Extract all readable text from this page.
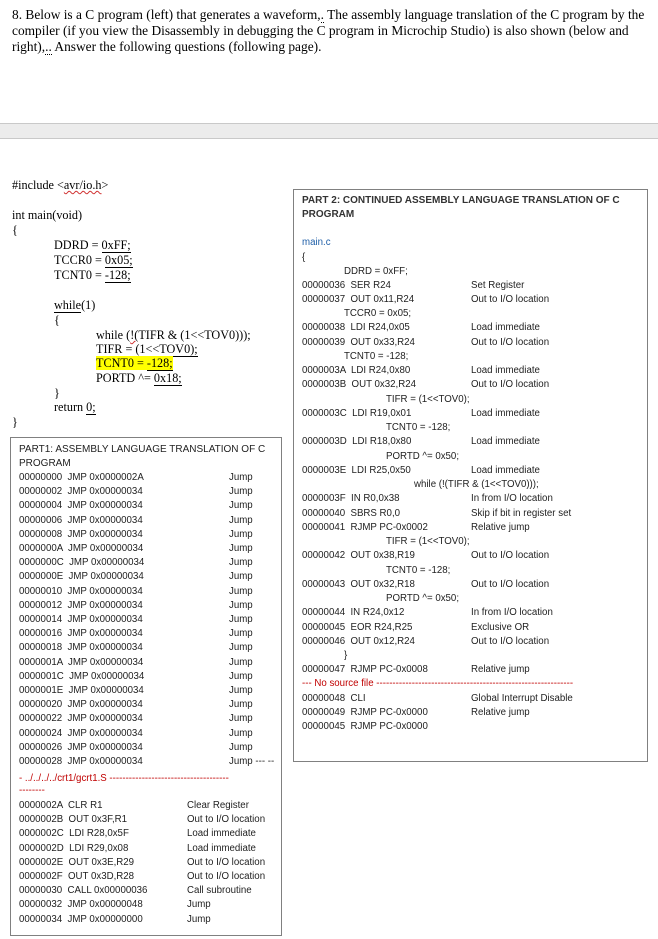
8. Below is a C program (left) that generates a waveform,. The assembly language translation of the C program by the compiler (if you view the Disassembly in debugging the C program in Microchip Studio) is also shown (below and right),.. Answer the following questions (following page).
#include <avr/io.h>
int main(void)
{
DDRD = 0xFF;
TCCR0 = 0x05;
TCNT0 = -128;
while(1)
{
while (!(TIFR & (1<<TOV0)));
TIFR = (1<<TOV0);
TCNT0 = -128;
PORTD ^= 0x18;
}
return 0;
}
PART1: ASSEMBLY LANGUAGE TRANSLATION OF C
PROGRAM
00000000  JMP 0x0000002A	Jump
00000002  JMP 0x00000034	Jump
00000004  JMP 0x00000034	Jump
00000006  JMP 0x00000034	Jump
00000008  JMP 0x00000034	Jump
0000000A  JMP 0x00000034	Jump
0000000C  JMP 0x00000034	Jump
0000000E  JMP 0x00000034	Jump
00000010  JMP 0x00000034	Jump
00000012  JMP 0x00000034	Jump
00000014  JMP 0x00000034	Jump
00000016  JMP 0x00000034	Jump
00000018  JMP 0x00000034	Jump
0000001A  JMP 0x00000034	Jump
0000001C  JMP 0x00000034	Jump
0000001E  JMP 0x00000034	Jump
00000020  JMP 0x00000034	Jump
00000022  JMP 0x00000034	Jump
00000024  JMP 0x00000034	Jump
00000026  JMP 0x00000034	Jump
00000028  JMP 0x00000034	Jump --- --
- ../../../../crt1/gcrt1.S -------------------------------------
--------
0000002A  CLR R1	Clear Register
0000002B  OUT 0x3F,R1	Out to I/O location
0000002C  LDI R28,0x5F	Load immediate
0000002D  LDI R29,0x08	Load immediate
0000002E  OUT 0x3E,R29	Out to I/O location
0000002F  OUT 0x3D,R28	Out to I/O location
00000030  CALL 0x00000036	Call subroutine
00000032  JMP 0x00000048	Jump
00000034  JMP 0x00000000	Jump
PART 2: CONTINUED ASSEMBLY LANGUAGE TRANSLATION OF C
PROGRAM
main.c
{
DDRD = 0xFF;
00000036  SER R24	Set Register
00000037  OUT 0x11,R24	Out to I/O location
TCCR0 = 0x05;
00000038  LDI R24,0x05	Load immediate
00000039  OUT 0x33,R24	Out to I/O location
TCNT0 = -128;
0000003A  LDI R24,0x80	Load immediate
0000003B  OUT 0x32,R24	Out to I/O location
TIFR = (1<<TOV0);
0000003C  LDI R19,0x01	Load immediate
TCNT0 = -128;
0000003D  LDI R18,0x80	Load immediate
PORTD ^= 0x50;
0000003E  LDI R25,0x50	Load immediate
while (!(TIFR & (1<<TOV0)));
0000003F  IN R0,0x38	In from I/O location
00000040  SBRS R0,0	Skip if bit in register set
00000041  RJMP PC-0x0002	Relative jump
TIFR = (1<<TOV0);
00000042  OUT 0x38,R19	Out to I/O location
TCNT0 = -128;
00000043  OUT 0x32,R18	Out to I/O location
PORTD ^= 0x50;
00000044  IN R24,0x12	In from I/O location
00000045  EOR R24,R25	Exclusive OR
00000046  OUT 0x12,R24	Out to I/O location
}
00000047  RJMP PC-0x0008	Relative jump
--- No source file -------------------------------------------------------------
00000048  CLI	Global Interrupt Disable
00000049  RJMP PC-0x0000	Relative jump
00000045  RJMP PC-0x0000
